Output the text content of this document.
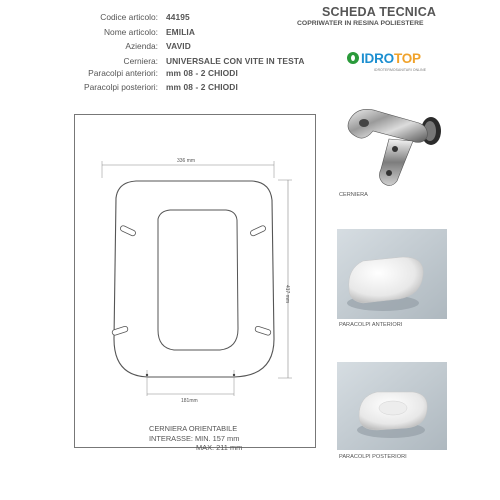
SCHEDA TECNICA
COPRIWATER IN RESINA POLIESTERE
Codice articolo: 44195
Nome articolo: EMILIA
Azienda: VAVID
Cerniera: UNIVERSALE CON VITE IN TESTA
Paracolpi anteriori: mm 08 - 2 CHIODI
Paracolpi posteriori: mm 08 - 2 CHIODI
IDROTOP
IDROTERMOSANITARI ONLINE
336 mm
417 mm
181mm
CERNIERA ORIENTABILE
INTERASSE: MIN. 157 mm
MAX. 211 mm
CERNIERA
PARACOLPI ANTERIORI
PARACOLPI POSTERIORI
